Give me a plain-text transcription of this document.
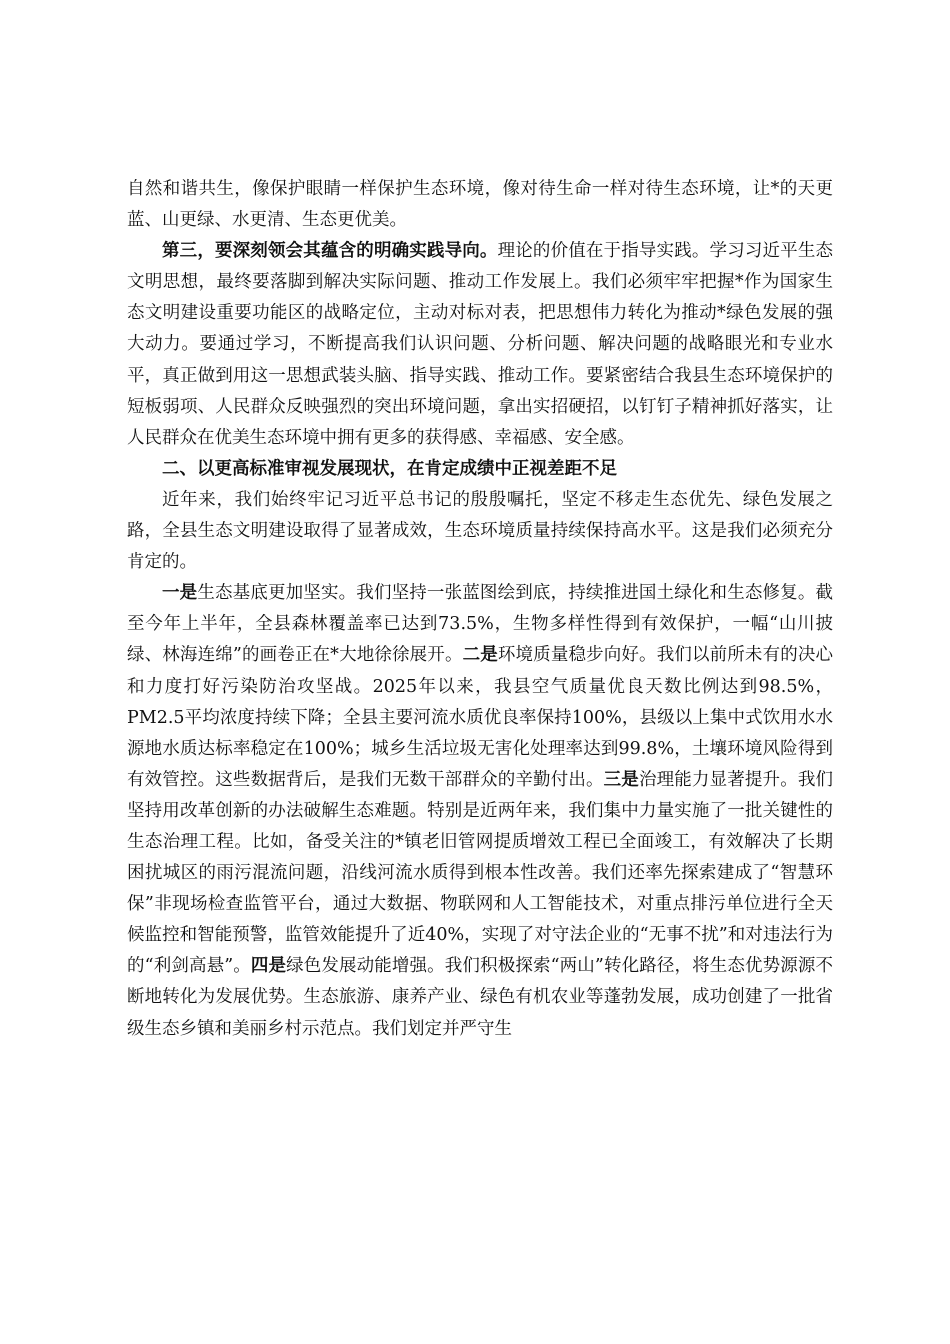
自然和谐共生，像保护眼睛一样保护生态环境，像对待生命一样对待生态环境，让*的天更蓝、山更绿、水更清、生态更优美。

第三，要深刻领会其蕴含的明确实践导向。理论的价值在于指导实践。学习习近平生态文明思想，最终要落脚到解决实际问题、推动工作发展上。我们必须牢牢把握*作为国家生态文明建设重要功能区的战略定位，主动对标对表，把思想伟力转化为推动*绿色发展的强大动力。要通过学习，不断提高我们认识问题、分析问题、解决问题的战略眼光和专业水平，真正做到用这一思想武装头脑、指导实践、推动工作。要紧密结合我县生态环境保护的短板弱项、人民群众反映强烈的突出环境问题，拿出实招硬招，以钉钉子精神抓好落实，让人民群众在优美生态环境中拥有更多的获得感、幸福感、安全感。

二、以更高标准审视发展现状，在肯定成绩中正视差距不足

近年来，我们始终牢记习近平总书记的殷殷嘱托，坚定不移走生态优先、绿色发展之路，全县生态文明建设取得了显著成效，生态环境质量持续保持高水平。这是我们必须充分肯定的。

一是生态基底更加坚实。我们坚持一张蓝图绘到底，持续推进国土绿化和生态修复。截至今年上半年，全县森林覆盖率已达到73.5%，生物多样性得到有效保护，一幅“山川披绿、林海连绵”的画卷正在*大地徐徐展开。二是环境质量稳步向好。我们以前所未有的决心和力度打好污染防治攻坚战。2025年以来，我县空气质量优良天数比例达到98.5%，PM2.5平均浓度持续下降；全县主要河流水质优良率保持100%，县级以上集中式饮用水水源地水质达标率稳定在100%；城乡生活垃圾无害化处理率达到99.8%，土壤环境风险得到有效管控。这些数据背后，是我们无数干部群众的辛勤付出。三是治理能力显著提升。我们坚持用改革创新的办法破解生态难题。特别是近两年来，我们集中力量实施了一批关键性的生态治理工程。比如，备受关注的*镇老旧管网提质增效工程已全面竣工，有效解决了长期困扰城区的雨污混流问题，沿线河流水质得到根本性改善。我们还率先探索建成了“智慧环保”非现场检查监管平台，通过大数据、物联网和人工智能技术，对重点排污单位进行全天候监控和智能预警，监管效能提升了近40%，实现了对守法企业的“无事不扰”和对违法行为的“利剑高悬”。四是绿色发展动能增强。我们积极探索“两山”转化路径，将生态优势源源不断地转化为发展优势。生态旅游、康养产业、绿色有机农业等蓬勃发展，成功创建了一批省级生态乡镇和美丽乡村示范点。我们划定并严守生
